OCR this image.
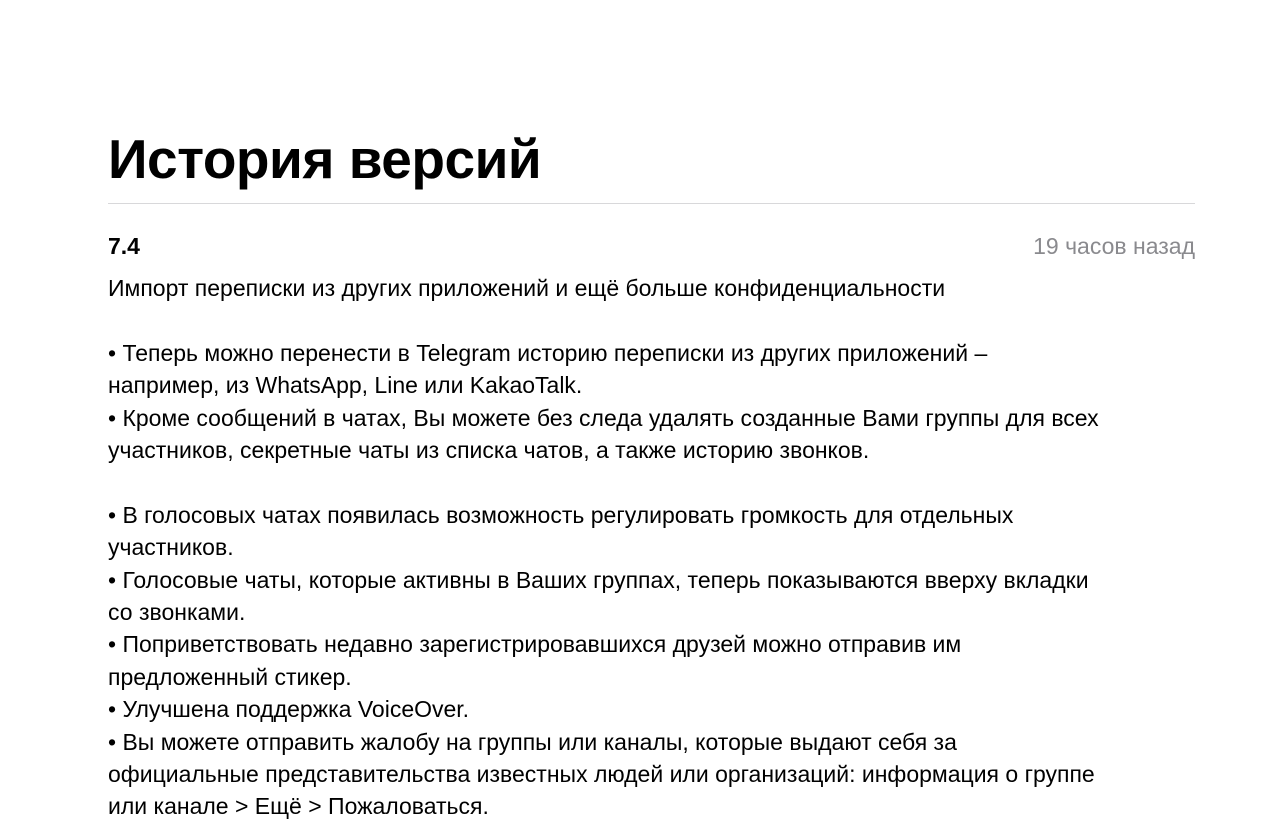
История версий
7.4	19 часов назад

Импорт переписки из других приложений и ещё больше конфиденциальности

• Теперь можно перенести в Telegram историю переписки из других приложений –

например, из WhatsApp, Line или KakaoTalk.

• Кроме сообщений в чатах, Вы можете без следа удалять созданные Вами группы для всех

участников, секретные чаты из списка чатов, а также историю звонков.

• В голосовых чатах появилась возможность регулировать громкость для отдельных

участников.

• Голосовые чаты, которые активны в Ваших группах, теперь показываются вверху вкладки

со звонками.

• Поприветствовать недавно зарегистрировавшихся друзей можно отправив им

предложенный стикер.

• Улучшена поддержка VoiceOver.

• Вы можете отправить жалобу на группы или каналы, которые выдают себя за

официальные представительства известных людей или организаций: информация о группе

или канале > Ещё > Пожаловаться.
